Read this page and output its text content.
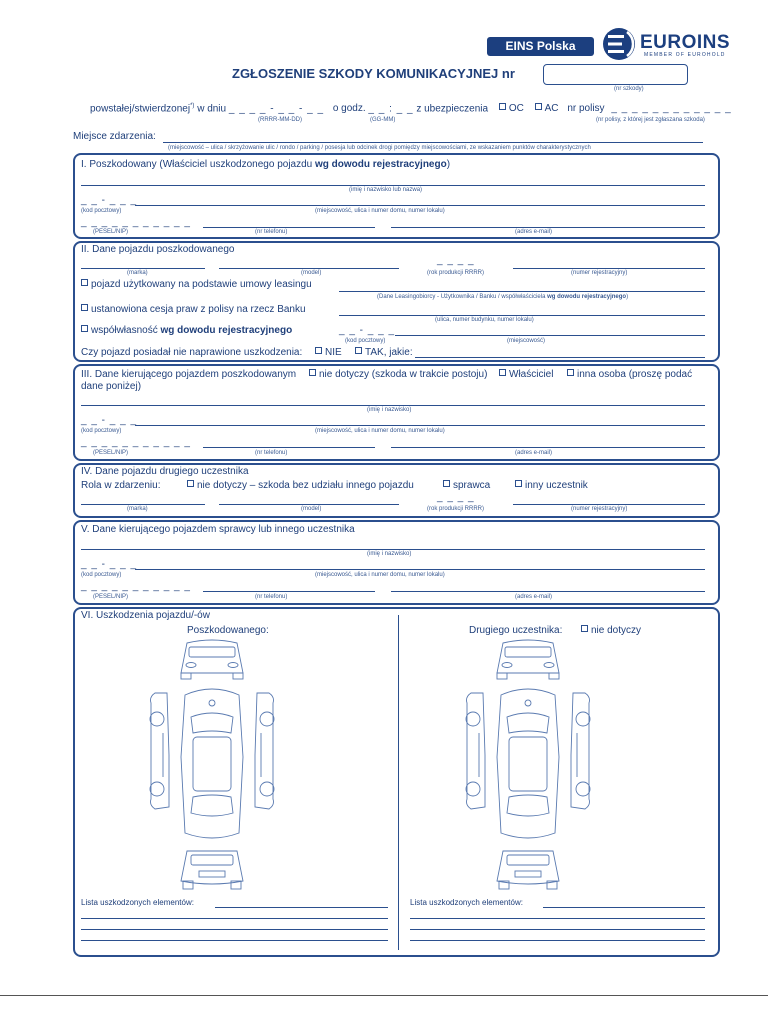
EINS Polska	EUROINS
MEMBER OF EUROHOLD
ZGŁOSZENIE SZKODY KOMUNIKACYJNEJ nr
(nr szkody)
powstałej/stwierdzonej*) w dniu _ _ _ _ - _ _ - _ _ o godz. _ _ : _ _ z ubezpieczenia OC AC nr polisy _ _ _ _ _ _ _ _ _ _ _ _
(RRRR-MM-DD)	(GG-MM)	(nr polisy, z której jest zgłaszana szkoda)
Miejsce zdarzenia:
(miejscowość – ulica / skrzyżowanie ulic / rondo / parking / posesja lub odcinek drogi pomiędzy miejscowościami, ze wskazaniem punktów charakterystycznych
I. Poszkodowany (Właściciel uszkodzonego pojazdu wg dowodu rejestracyjnego)
(imię i nazwisko lub nazwa)
_ _ - _ _ _
(kod pocztowy)	(miejscowość, ulica i numer domu, numer lokalu)
_ _ _ _ _ _ _ _ _ _ _
(PESEL/NIP)	(nr telefonu)	(adres e-mail)
II. Dane pojazdu poszkodowanego
_ _ _ _
(marka)	(model)	(rok produkcji RRRR)	(numer rejestracyjny)
pojazd użytkowany na podstawie umowy leasingu
(Dane Leasingobiorcy - Użytkownika / Banku / współwłaściciela wg dowodu rejestracyjnego)
ustanowiona cesja praw z polisy na rzecz Banku
(ulica, numer budynku, numer lokalu)
współwłasność wg dowodu rejestracyjnego	_ _ - _ _ _
(kod pocztowy)	(miejscowość)
Czy pojazd posiadał nie naprawione uszkodzenia:	NIE	TAK, jakie:
III. Dane kierującego pojazdem poszkodowanym	nie dotyczy (szkoda w trakcie postoju)	Właściciel	inna osoba (proszę podać
dane poniżej)
(imię i nazwisko)
_ _ - _ _ _
(kod pocztowy)	(miejscowość, ulica i numer domu, numer lokalu)
_ _ _ _ _ _ _ _ _ _ _
(PESEL/NIP)	(nr telefonu)	(adres e-mail)
IV. Dane pojazdu drugiego uczestnika
Rola w zdarzeniu:	nie dotyczy – szkoda bez udziału innego pojazdu	sprawca	inny uczestnik
_ _ _ _
(marka)	(model)	(rok produkcji RRRR)	(numer rejestracyjny)
V. Dane kierującego pojazdem sprawcy lub innego uczestnika
(imię i nazwisko)
_ _ - _ _ _
(kod pocztowy)	(miejscowość, ulica i numer domu, numer lokalu)
_ _ _ _ _ _ _ _ _ _ _
(PESEL/NIP)	(nr telefonu)	(adres e-mail)
VI. Uszkodzenia pojazdu/-ów
Poszkodowanego:	Drugiego uczestnika:	nie dotyczy
Lista uszkodzonych elementów:	Lista uszkodzonych elementów:
